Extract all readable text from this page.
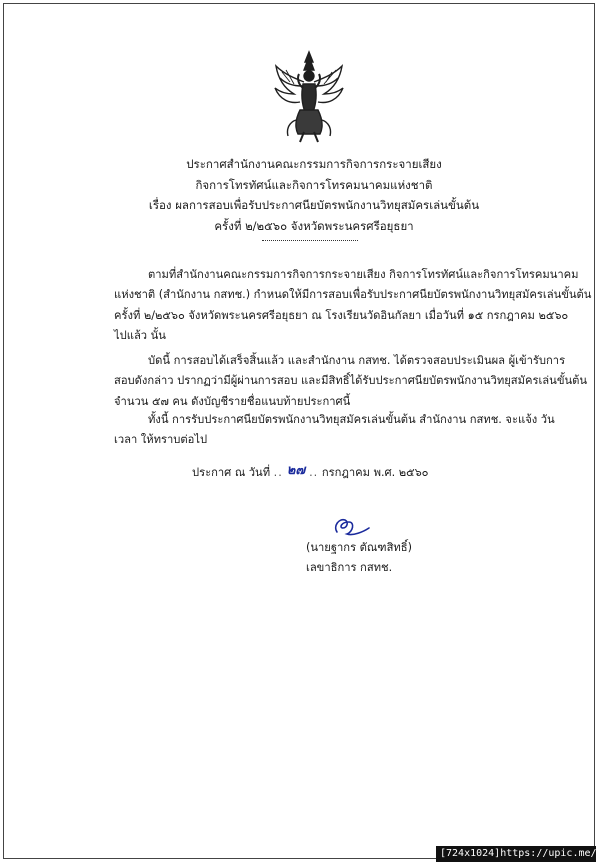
ประกาศสำนักงานคณะกรรมการกิจการกระจายเสียง
กิจการโทรทัศน์และกิจการโทรคมนาคมแห่งชาติ
เรื่อง ผลการสอบเพื่อรับประกาศนียบัตรพนักงานวิทยุสมัครเล่นขั้นต้น
ครั้งที่ ๒/๒๕๖๐ จังหวัดพระนครศรีอยุธยา
ตามที่สำนักงานคณะกรรมการกิจการกระจายเสียง กิจการโทรทัศน์และกิจการโทรคมนาคม
แห่งชาติ (สำนักงาน กสทช.) กำหนดให้มีการสอบเพื่อรับประกาศนียบัตรพนักงานวิทยุสมัครเล่นขั้นต้น
ครั้งที่ ๒/๒๕๖๐ จังหวัดพระนครศรีอยุธยา ณ โรงเรียนวัดอินกัลยา เมื่อวันที่ ๑๕ กรกฎาคม ๒๕๖๐
ไปแล้ว นั้น
บัดนี้ การสอบได้เสร็จสิ้นแล้ว และสำนักงาน กสทช. ได้ตรวจสอบประเมินผล ผู้เข้ารับการ
สอบดังกล่าว ปรากฏว่ามีผู้ผ่านการสอบ และมีสิทธิ์ได้รับประกาศนียบัตรพนักงานวิทยุสมัครเล่นขั้นต้น
จำนวน ๕๗ คน ดังบัญชีรายชื่อแนบท้ายประกาศนี้
ทั้งนี้ การรับประกาศนียบัตรพนักงานวิทยุสมัครเล่นขั้นต้น สำนักงาน กสทช. จะแจ้ง วัน
เวลา ให้ทราบต่อไป
ประกาศ ณ วันที่ .. ๒๗ .. กรกฎาคม พ.ศ. ๒๕๖๐
(นายฐากร ตัณฑสิทธิ์)
เลขาธิการ กสทช.
[724x1024]https://upic.me/
